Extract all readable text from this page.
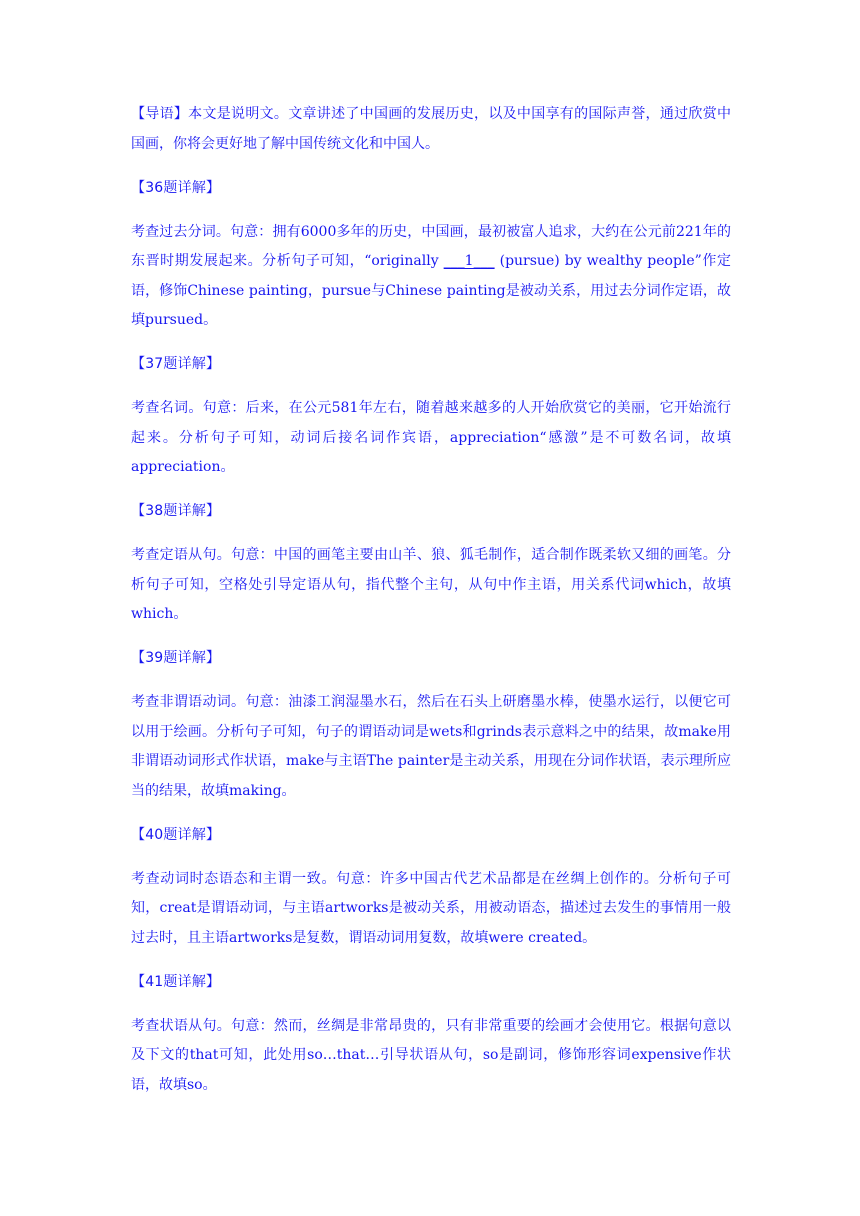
【导语】本文是说明文。文章讲述了中国画的发展历史，以及中国享有的国际声誉，通过欣赏中国画，你将会更好地了解中国传统文化和中国人。

【36题详解】

考查过去分词。句意：拥有6000多年的历史，中国画，最初被富人追求，大约在公元前221年的东晋时期发展起来。分析句子可知，“originally ___1___ (pursue) by wealthy people”作定语，修饰Chinese painting，pursue与Chinese painting是被动关系，用过去分词作定语，故填pursued。

【37题详解】

考查名词。句意：后来，在公元581年左右，随着越来越多的人开始欣赏它的美丽，它开始流行起来。分析句子可知，动词后接名词作宾语，appreciation“感激”是不可数名词，故填appreciation。

【38题详解】

考查定语从句。句意：中国的画笔主要由山羊、狼、狐毛制作，适合制作既柔软又细的画笔。分析句子可知，空格处引导定语从句，指代整个主句，从句中作主语，用关系代词which，故填which。

【39题详解】

考查非谓语动词。句意：油漆工润湿墨水石，然后在石头上研磨墨水棒，使墨水运行，以便它可以用于绘画。分析句子可知，句子的谓语动词是wets和grinds表示意料之中的结果，故make用非谓语动词形式作状语，make与主语The painter是主动关系，用现在分词作状语，表示理所应当的结果，故填making。

【40题详解】

考查动词时态语态和主谓一致。句意：许多中国古代艺术品都是在丝绸上创作的。分析句子可知，creat是谓语动词，与主语artworks是被动关系，用被动语态，描述过去发生的事情用一般过去时，且主语artworks是复数，谓语动词用复数，故填were created。

【41题详解】

考查状语从句。句意：然而，丝绸是非常昂贵的，只有非常重要的绘画才会使用它。根据句意以及下文的that可知，此处用so…that…引导状语从句，so是副词，修饰形容词expensive作状语，故填so。
